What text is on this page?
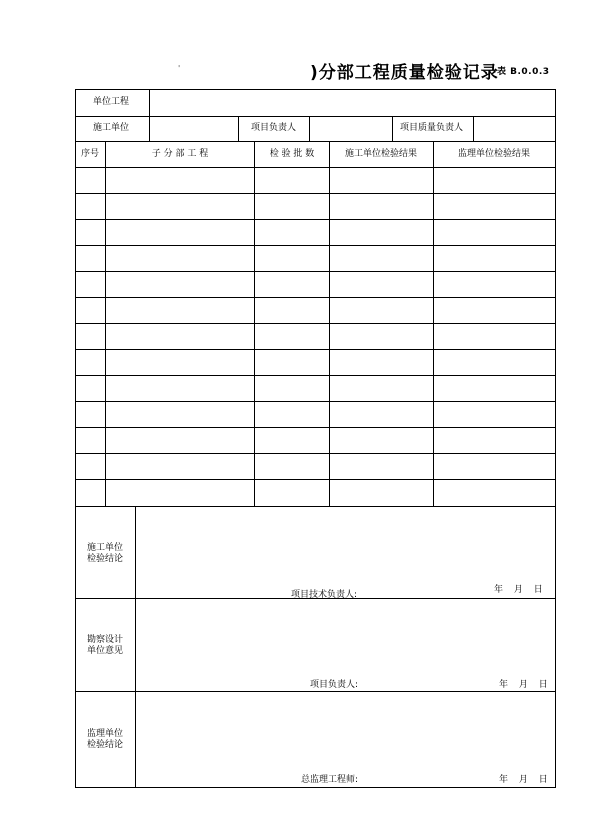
'	)分部工程质量检验记录
表 B.0.0.3
单位工程
施工单位	项目负责人	项目质量负责人
序号	子 分 部 工 程	检 验 批 数	施工单位检验结果	监理单位检验结果
施工单位
检验结论
项目技术负责人:	年 月 日
勘察设计
单位意见
项目负责人:	年 月 日
监理单位
检验结论
总监理工程师:	年 月 日
